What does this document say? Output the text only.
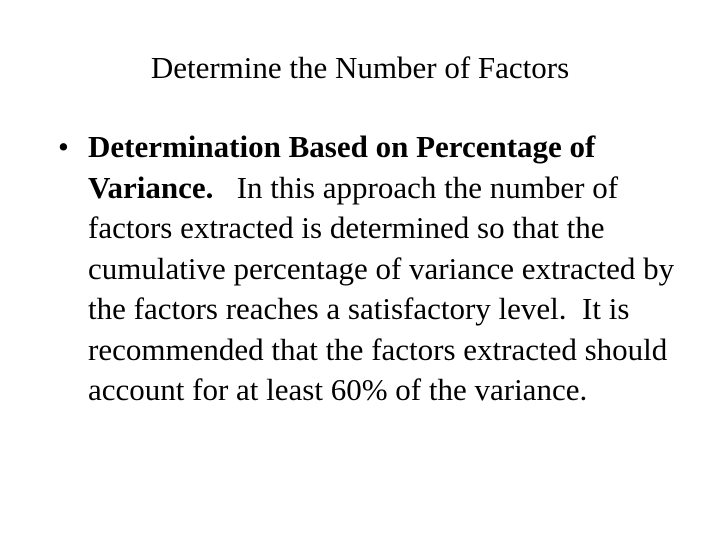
Determine the Number of Factors
• Determination Based on Percentage of Variance. In this approach the number of factors extracted is determined so that the cumulative percentage of variance extracted by the factors reaches a satisfactory level.  It is recommended that the factors extracted should account for at least 60% of the variance.
